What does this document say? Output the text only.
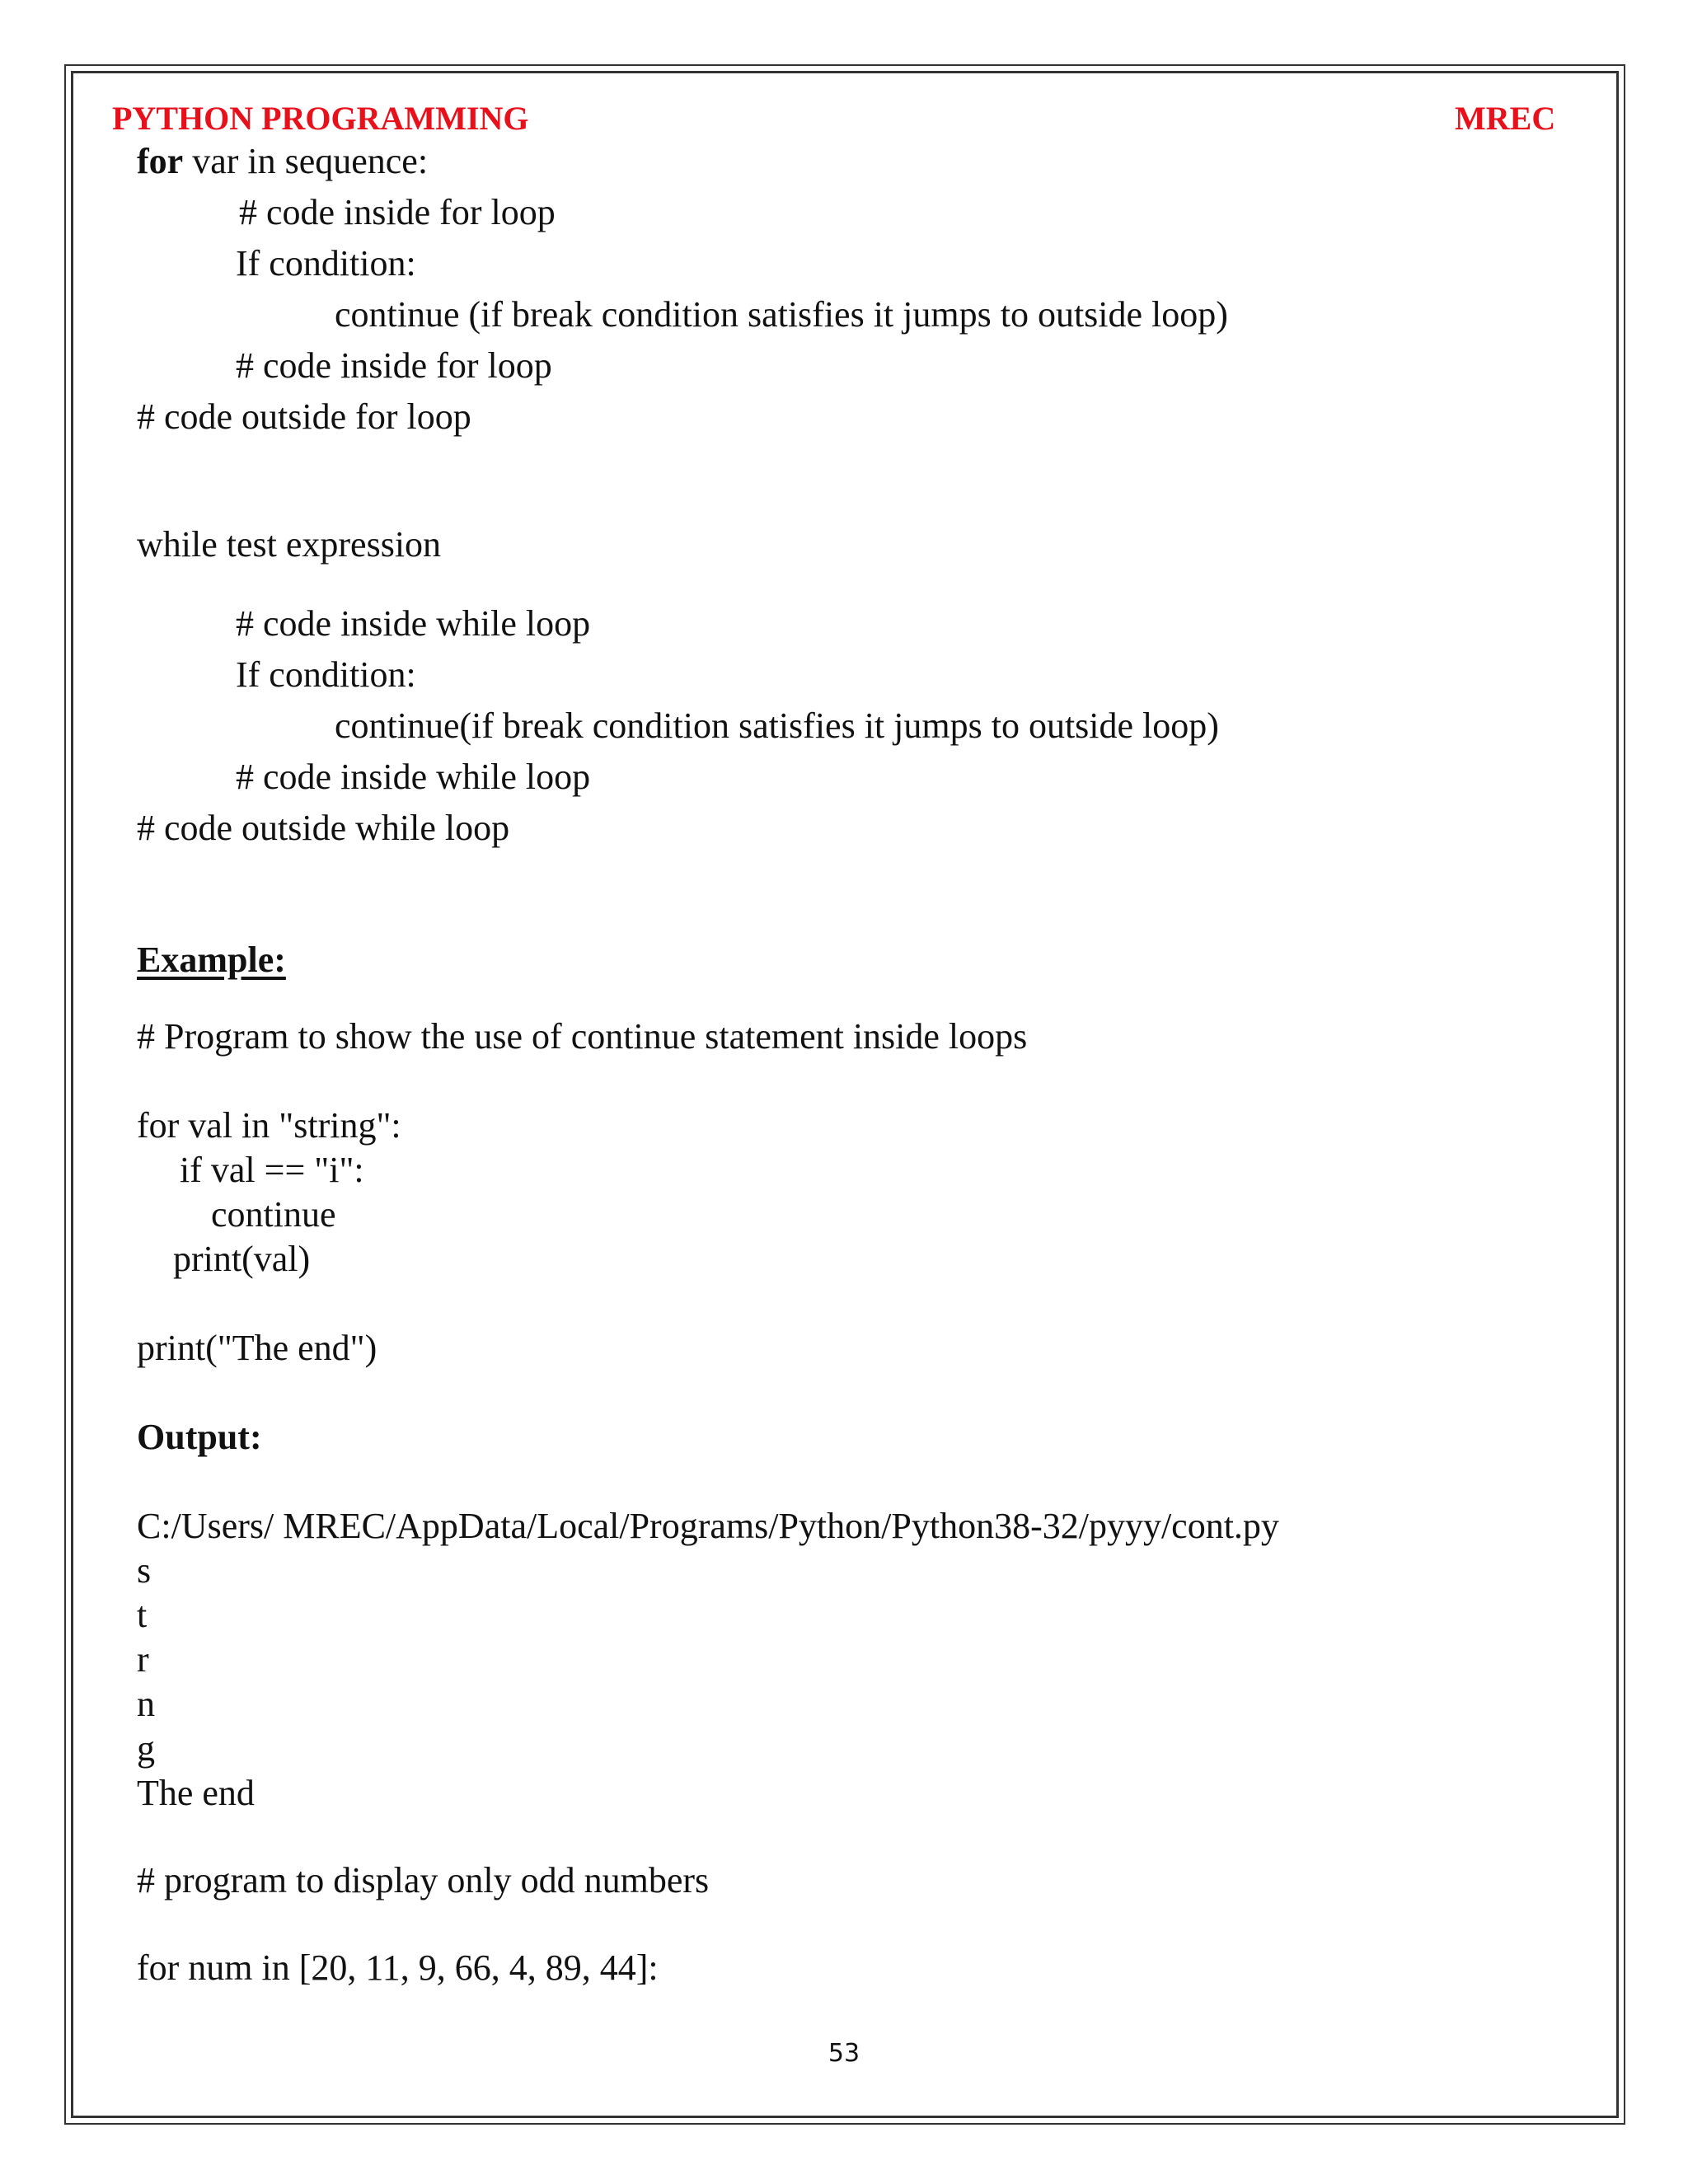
PYTHON PROGRAMMING	MREC
for var in sequence:
# code inside for loop
If condition:
continue (if break condition satisfies it jumps to outside loop)
# code inside for loop
# code outside for loop
while test expression
# code inside while loop
If condition:
continue(if break condition satisfies it jumps to outside loop)
# code inside while loop
# code outside while loop
Example:
# Program to show the use of continue statement inside loops
for val in "string":
if val == "i":
continue
print(val)
print("The end")
Output:
C:/Users/ MREC/AppData/Local/Programs/Python/Python38-32/pyyy/cont.py
s
t
r
n
g
The end
# program to display only odd numbers
for num in [20, 11, 9, 66, 4, 89, 44]:
53
